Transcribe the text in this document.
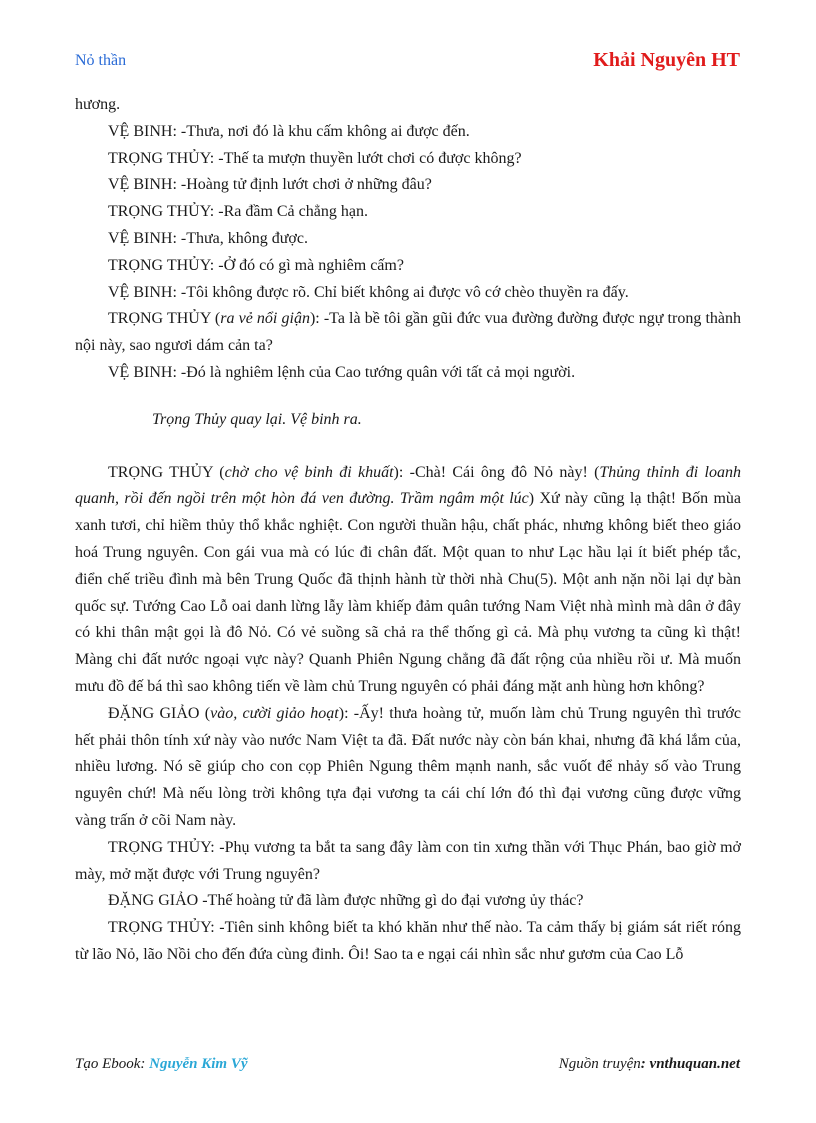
Nỏ thần	Khải Nguyên HT

hương.

VỆ BINH: -Thưa, nơi đó là khu cấm không ai được đến.

TRỌNG THỦY: -Thế ta mượn thuyền lướt chơi có được không?

VỆ BINH: -Hoàng tử định lướt chơi ở những đâu?

TRỌNG THỦY: -Ra đầm Cả chẳng hạn.

VỆ BINH: -Thưa, không được.

TRỌNG THỦY: -Ở đó có gì mà nghiêm cấm?

VỆ BINH: -Tôi không được rõ. Chỉ biết không ai được vô cớ chèo thuyền ra đấy.

TRỌNG THỦY (ra vẻ nổi giận): -Ta là bề tôi gần gũi đức vua đường đường được ngự trong thành nội này, sao ngươi dám cản ta?

VỆ BINH: -Đó là nghiêm lệnh của Cao tướng quân với tất cả mọi người.

Trọng Thủy quay lại. Vệ binh ra.

TRỌNG THỦY (chờ cho vệ binh đi khuất): -Chà! Cái ông đô Nỏ này! (Thủng thỉnh đi loanh quanh, rồi đến ngồi trên một hòn đá ven đường. Trầm ngâm một lúc) Xứ này cũng lạ thật! Bốn mùa xanh tươi, chỉ hiềm thủy thổ khắc nghiệt. Con người thuần hậu, chất phác, nhưng không biết theo giáo hoá Trung nguyên. Con gái vua mà có lúc đi chân đất. Một quan to như Lạc hầu lại ít biết phép tắc, điển chế triều đình mà bên Trung Quốc đã thịnh hành từ thời nhà Chu(5). Một anh nặn nồi lại dự bàn quốc sự. Tướng Cao Lỗ oai danh lừng lẫy làm khiếp đảm quân tướng Nam Việt nhà mình mà dân ở đây có khi thân mật gọi là đô Nỏ. Có vẻ suồng sã chả ra thể thống gì cả. Mà phụ vương ta cũng kì thật! Màng chi đất nước ngoại vực này? Quanh Phiên Ngung chẳng đã đất rộng của nhiều rồi ư. Mà muốn mưu đồ đế bá thì sao không tiến về làm chủ Trung nguyên có phải đáng mặt anh hùng hơn không?

ĐẶNG GIẢO (vào, cười giảo hoạt): -Ấy! thưa hoàng tử, muốn làm chủ Trung nguyên thì trước hết phải thôn tính xứ này vào nước Nam Việt ta đã. Đất nước này còn bán khai, nhưng đã khá lắm của, nhiều lương. Nó sẽ giúp cho con cọp Phiên Ngung thêm mạnh nanh, sắc vuốt để nhảy số vào Trung nguyên chứ! Mà nếu lòng trời không tựa đại vương ta cái chí lớn đó thì đại vương cũng được vững vàng trấn ở cõi Nam này.

TRỌNG THỦY: -Phụ vương ta bắt ta sang đây làm con tin xưng thần với Thục Phán, bao giờ mở mày, mở mặt được với Trung nguyên?

ĐẶNG GIẢO -Thế hoàng tử đã làm được những gì do đại vương ủy thác?

TRỌNG THỦY: -Tiên sinh không biết ta khó khăn như thế nào. Ta cảm thấy bị giám sát riết róng từ lão Nỏ, lão Nồi cho đến đứa cùng đinh. Ôi! Sao ta e ngại cái nhìn sắc như gươm của Cao Lỗ

Tạo Ebook: Nguyễn Kim Vỹ	Nguồn truyện: vnthuquan.net
